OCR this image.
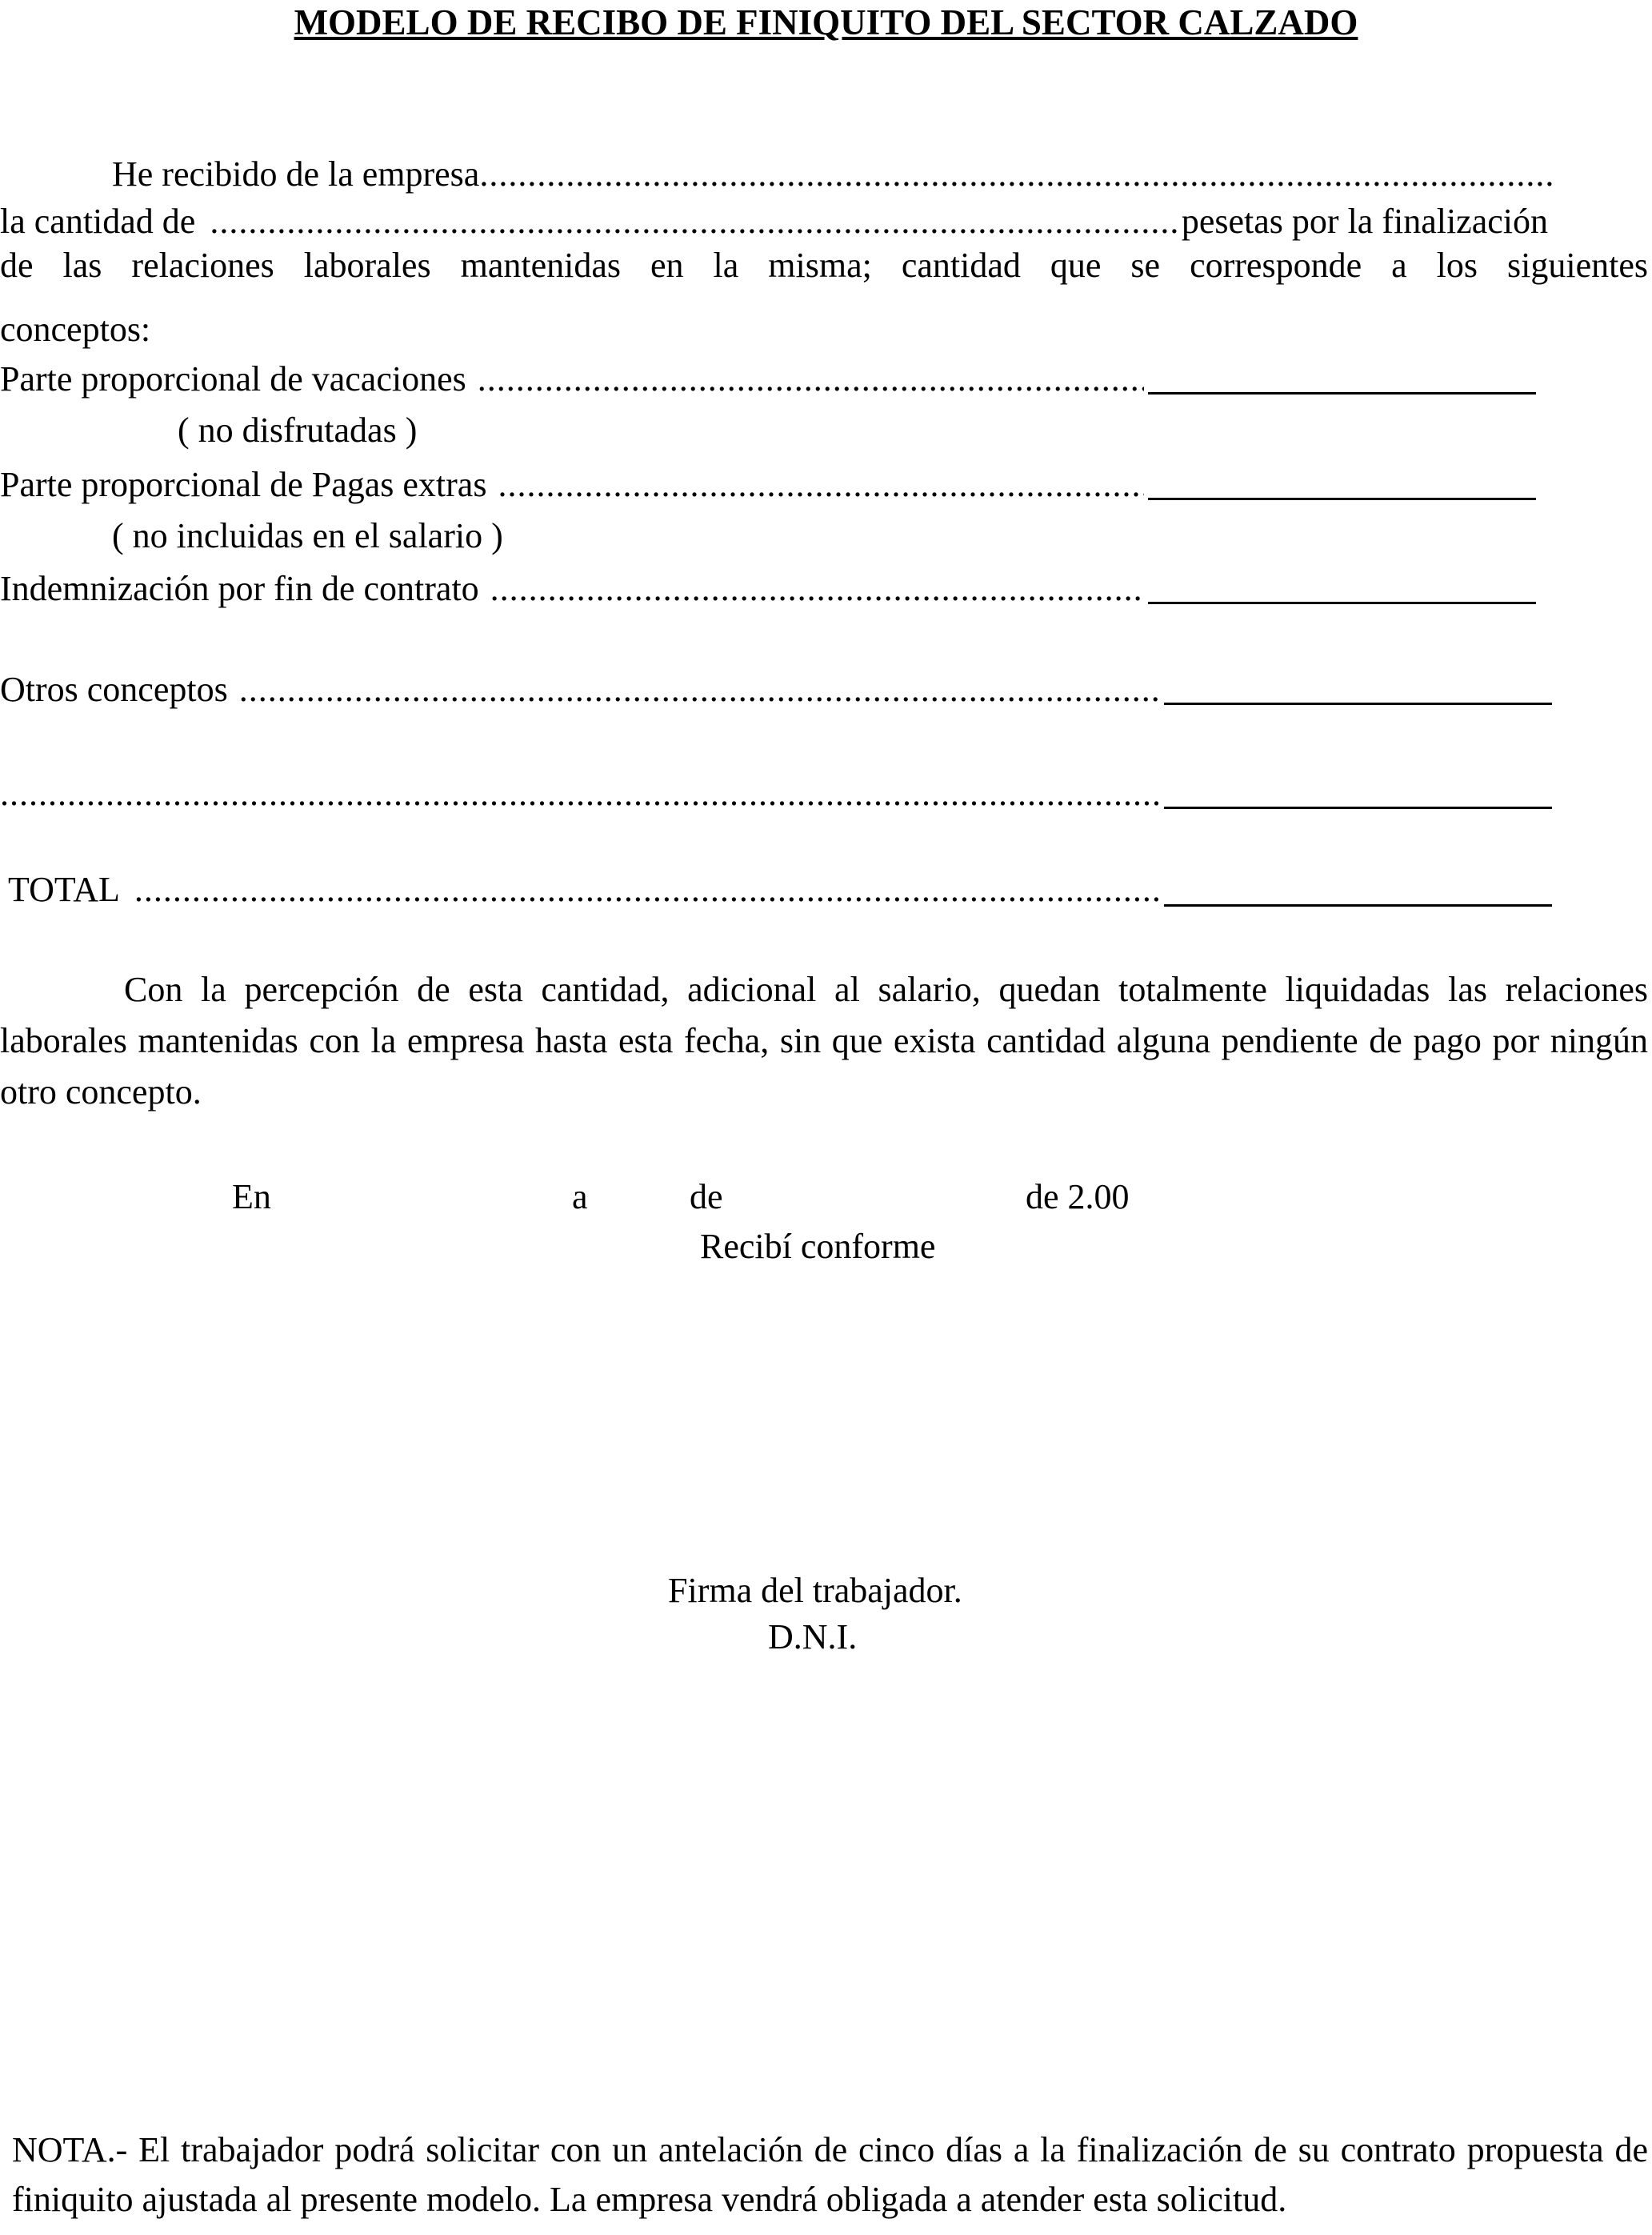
MODELO DE RECIBO DE FINIQUITO DEL SECTOR CALZADO
He recibido de la empresa
.....
la cantidad de
.....	pesetas por la finalización
de las relaciones laborales mantenidas en la misma; cantidad que se corresponde a los siguientes
conceptos:
Parte proporcional de vacaciones
.....
( no disfrutadas )
Parte proporcional de Pagas extras
.....
( no incluidas en el salario )
Indemnización por fin de contrato
.....
Otros conceptos
.....
.....
TOTAL
.....
Con la percepción de esta cantidad, adicional al salario, quedan totalmente liquidadas las relaciones laborales mantenidas con la empresa hasta esta fecha, sin que exista cantidad alguna pendiente de pago por ningún otro concepto.
En	a	de	de 2.00
Recibí conforme
Firma del trabajador.
D.N.I.
NOTA.- El trabajador podrá solicitar con un antelación de cinco días a la finalización de su contrato propuesta de finiquito ajustada al presente modelo. La empresa vendrá obligada a atender esta solicitud.
